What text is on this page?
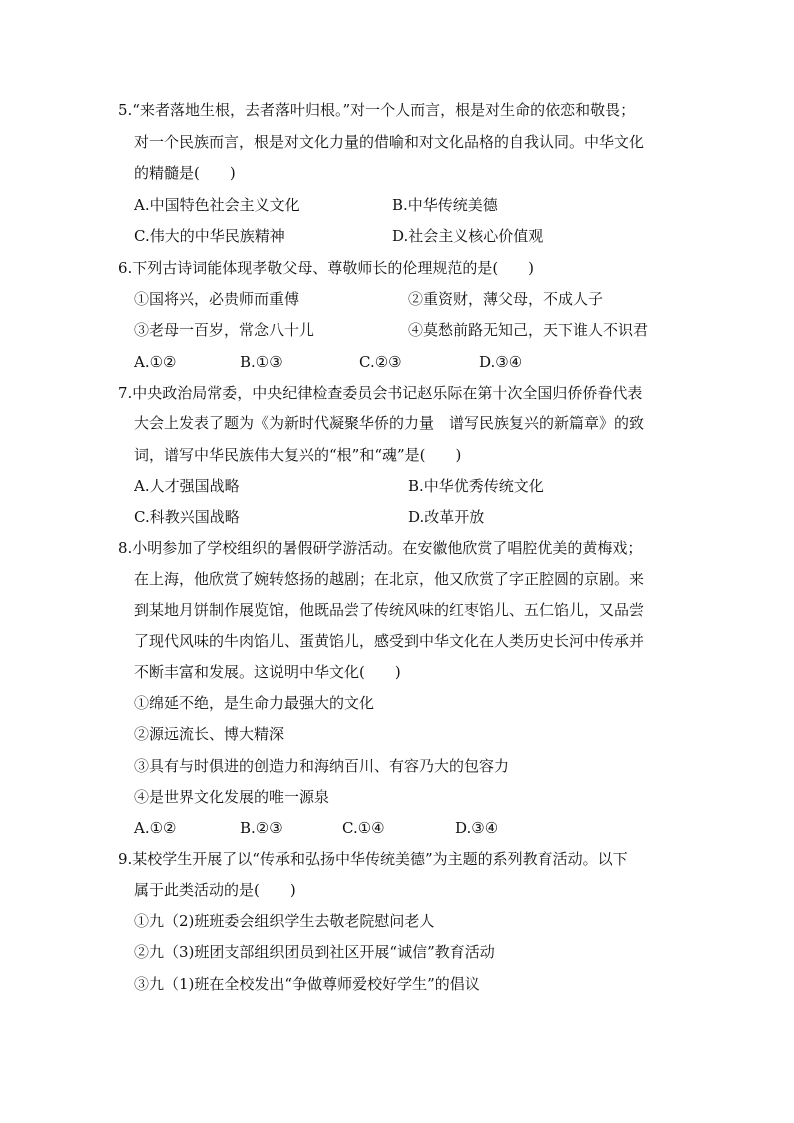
5.“来者落地生根，去者落叶归根。”对一个人而言，根是对生命的依恋和敬畏；
对一个民族而言，根是对文化力量的借喻和对文化品格的自我认同。中华文化
的精髓是(　　)
A.中国特色社会主义文化	B.中华传统美德
C.伟大的中华民族精神	D.社会主义核心价值观
6.下列古诗词能体现孝敬父母、尊敬师长的伦理规范的是(　　)
①国将兴，必贵师而重傅	②重资财，薄父母，不成人子
③老母一百岁，常念八十儿	④莫愁前路无知己，天下谁人不识君
A.①②	B.①③	C.②③	D.③④
7.中央政治局常委，中央纪律检查委员会书记赵乐际在第十次全国归侨侨眷代表
大会上发表了题为《为新时代凝聚华侨的力量　谱写民族复兴的新篇章》的致
词，谱写中华民族伟大复兴的“根”和“魂”是(　　)
A.人才强国战略	B.中华优秀传统文化
C.科教兴国战略	D.改革开放
8.小明参加了学校组织的暑假研学游活动。在安徽他欣赏了唱腔优美的黄梅戏；
在上海，他欣赏了婉转悠扬的越剧；在北京，他又欣赏了字正腔圆的京剧。来
到某地月饼制作展览馆，他既品尝了传统风味的红枣馅儿、五仁馅儿，又品尝
了现代风味的牛肉馅儿、蛋黄馅儿，感受到中华文化在人类历史长河中传承并
不断丰富和发展。这说明中华文化(　　)
①绵延不绝，是生命力最强大的文化
②源远流长、博大精深
③具有与时俱进的创造力和海纳百川、有容乃大的包容力
④是世界文化发展的唯一源泉
A.①②	B.②③	C.①④	D.③④
9.某校学生开展了以“传承和弘扬中华传统美德”为主题的系列教育活动。以下
属于此类活动的是(　　)
①九（2)班班委会组织学生去敬老院慰问老人
②九（3)班团支部组织团员到社区开展“诚信”教育活动
③九（1)班在全校发出“争做尊师爱校好学生”的倡议
